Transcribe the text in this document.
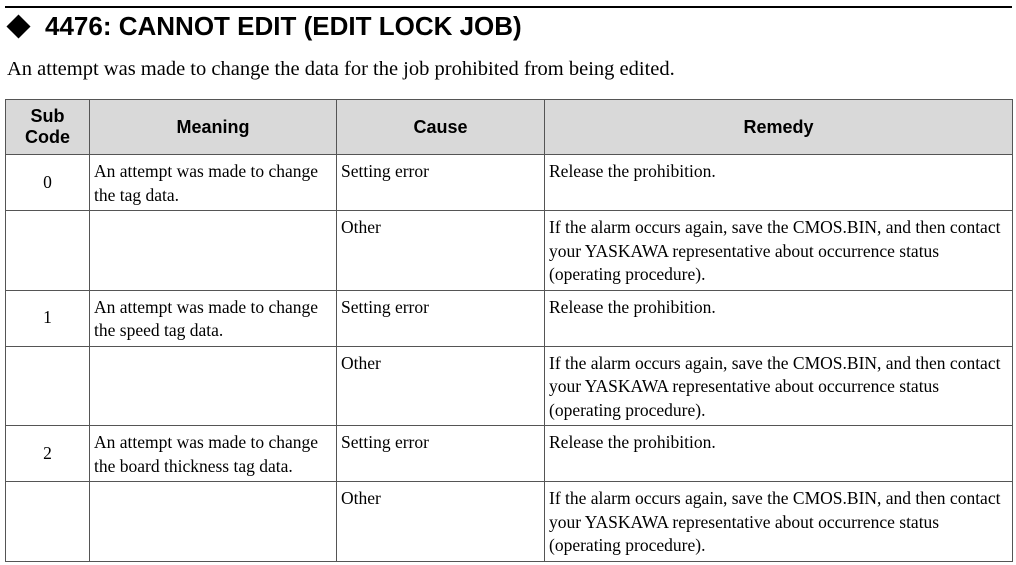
4476: CANNOT EDIT (EDIT LOCK JOB)
An attempt was made to change the data for the job prohibited from being edited.
Sub
Code	Meaning	Cause	Remedy
0	An attempt was made to change the tag data.	Setting error	Release the prohibition.
		Other	If the alarm occurs again, save the CMOS.BIN, and then contact your YASKAWA representative about occurrence status (operating procedure).
1	An attempt was made to change the speed tag data.	Setting error	Release the prohibition.
		Other	If the alarm occurs again, save the CMOS.BIN, and then contact your YASKAWA representative about occurrence status (operating procedure).
2	An attempt was made to change the board thickness tag data.	Setting error	Release the prohibition.
		Other	If the alarm occurs again, save the CMOS.BIN, and then contact your YASKAWA representative about occurrence status (operating procedure).
